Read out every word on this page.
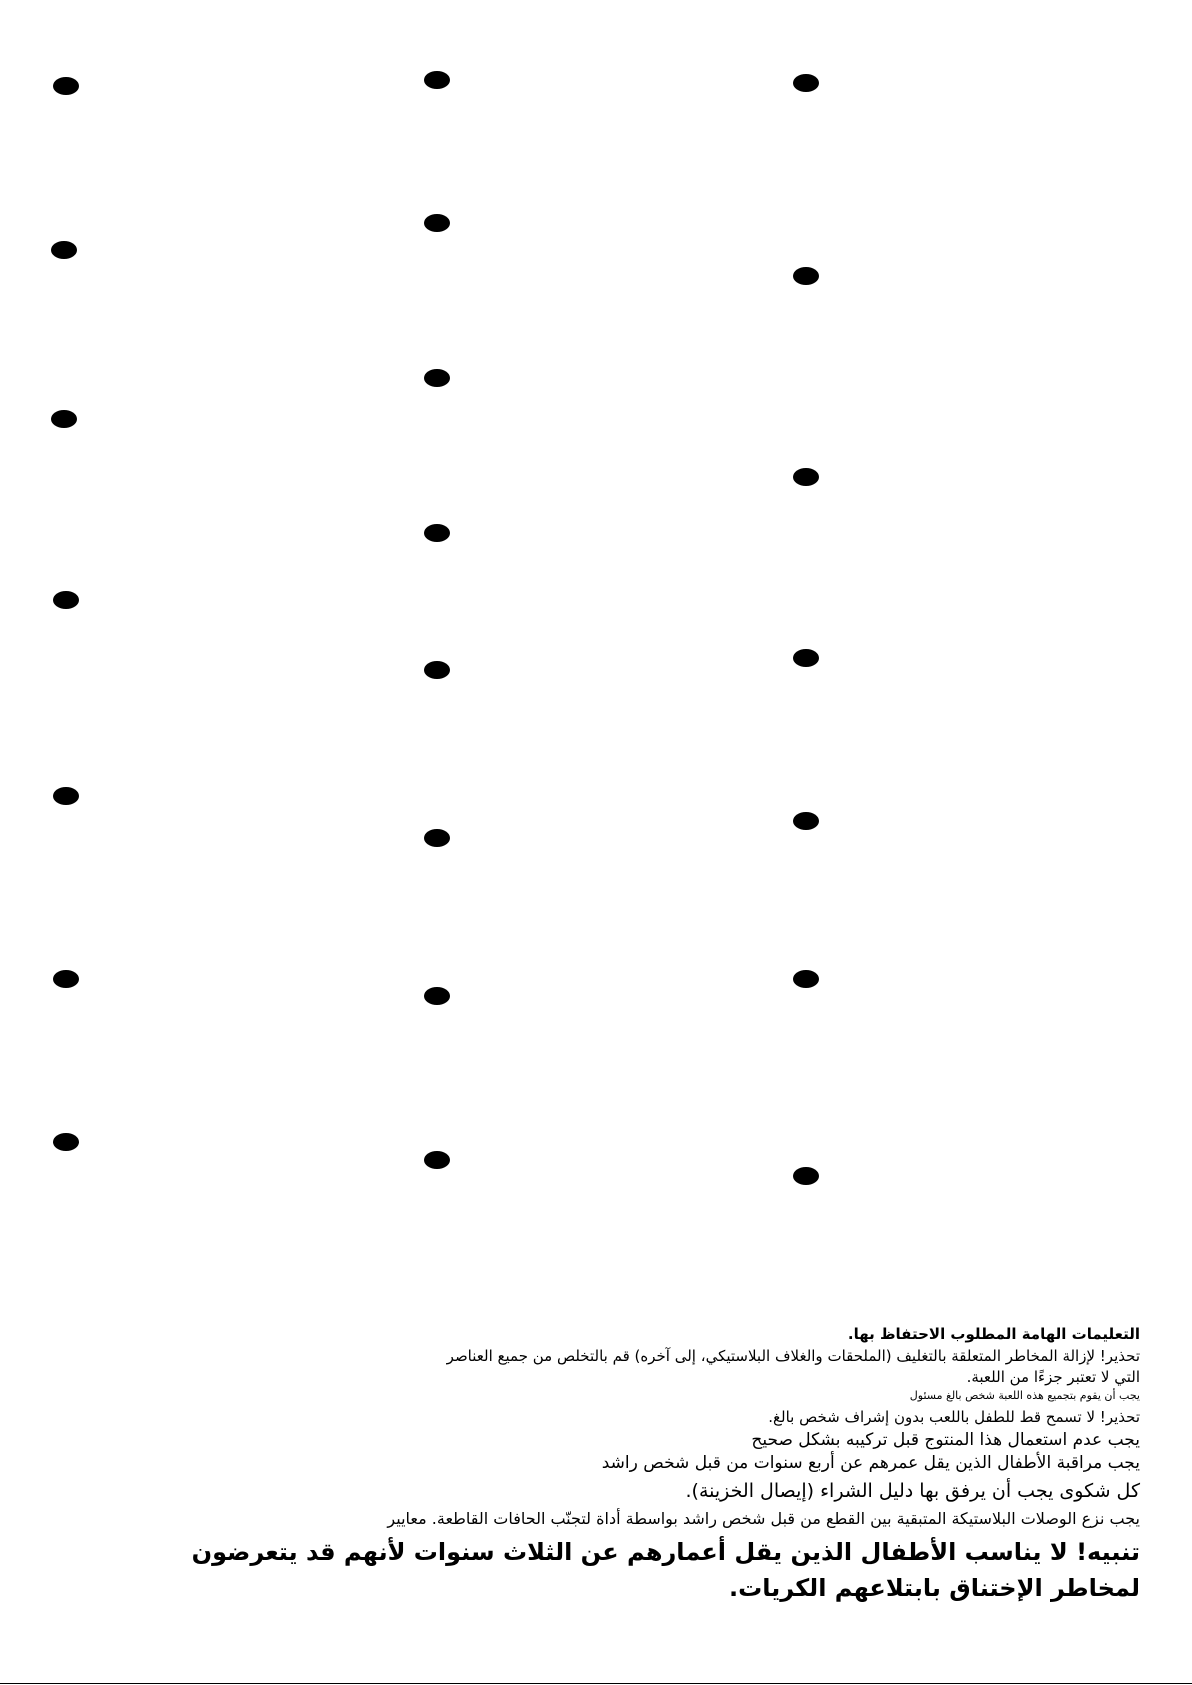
التعليمات الهامة المطلوب الاحتفاظ بها.
تحذير! لإزالة المخاطر المتعلقة بالتغليف (الملحقات والغلاف البلاستيكي، إلى آخره) قم بالتخلص من جميع العناصر
التي لا تعتبر جزءًا من اللعبة.
يجب أن يقوم بتجميع هذه اللعبة شخص بالغ مسئول
تحذير! لا تسمح قط للطفل باللعب بدون إشراف شخص بالغ.
يجب عدم استعمال هذا المنتوج قبل تركيبه بشكل صحيح
يجب مراقبة الأطفال الذين يقل عمرهم عن أربع سنوات من قبل شخص راشد
كل شكوى يجب أن يرفق بها دليل الشراء (إيصال الخزينة).
يجب نزع الوصلات البلاستيكة المتبقية بين القطع من قبل شخص راشد بواسطة أداة لتجنّب الحافات القاطعة. معايير
تنبيه! لا يناسب الأطفال الذين يقل أعمارهم عن الثلاث سنوات لأنهم قد يتعرضون
لمخاطر الإختناق بابتلاعهم الكريات.
